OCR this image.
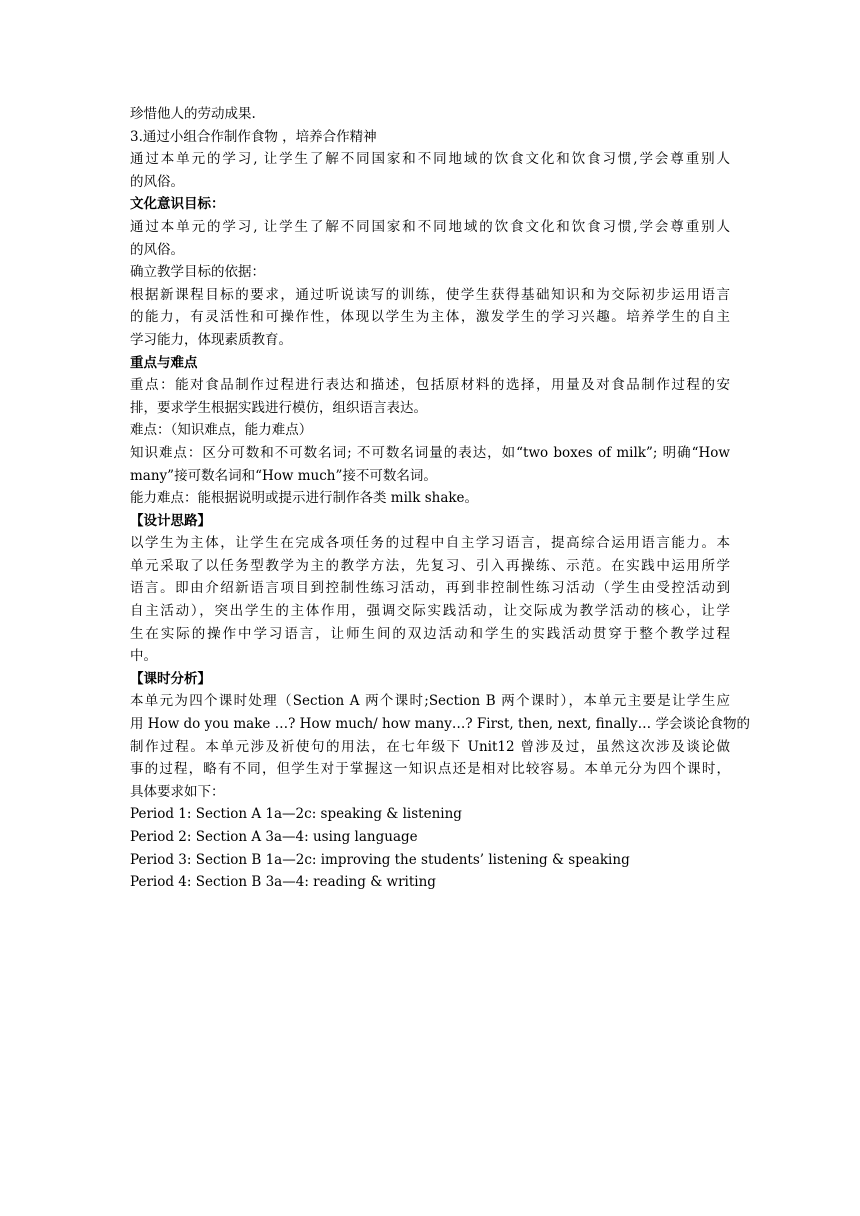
珍惜他人的劳动成果.
3.通过小组合作制作食物 ，培养合作精神
通过本单元的学习, 让学生了解不同国家和不同地域的饮食文化和饮食习惯,学会尊重别人
的风俗。
文化意识目标：
通过本单元的学习, 让学生了解不同国家和不同地域的饮食文化和饮食习惯,学会尊重别人
的风俗。
确立教学目标的依据：
根据新课程目标的要求，通过听说读写的训练，使学生获得基础知识和为交际初步运用语言
的能力，有灵活性和可操作性，体现以学生为主体，激发学生的学习兴趣。培养学生的自主
学习能力，体现素质教育。
重点与难点
重点：能对食品制作过程进行表达和描述，包括原材料的选择，用量及对食品制作过程的安
排，要求学生根据实践进行模仿，组织语言表达。
难点：（知识难点，能力难点）
知识难点：区分可数和不可数名词; 不可数名词量的表达，如“two boxes of milk”; 明确“How
many”接可数名词和“How much”接不可数名词。
能力难点：能根据说明或提示进行制作各类 milk shake。
【设计思路】
以学生为主体，让学生在完成各项任务的过程中自主学习语言，提高综合运用语言能力。本
单元采取了以任务型教学为主的教学方法，先复习、引入再操练、示范。在实践中运用所学
语言。即由介绍新语言项目到控制性练习活动，再到非控制性练习活动（学生由受控活动到
自主活动），突出学生的主体作用，强调交际实践活动，让交际成为教学活动的核心，让学
生在实际的操作中学习语言，让师生间的双边活动和学生的实践活动贯穿于整个教学过程
中。
【课时分析】
本单元为四个课时处理（Section A 两个课时;Section B 两个课时），本单元主要是让学生应
用 How do you make …? How much/ how many…? First, then, next, finally… 学会谈论食物的
制作过程。本单元涉及祈使句的用法，在七年级下 Unit12 曾涉及过，虽然这次涉及谈论做
事的过程，略有不同，但学生对于掌握这一知识点还是相对比较容易。本单元分为四个课时，
具体要求如下：
Period 1: Section A 1a—2c: speaking & listening
Period 2: Section A 3a—4: using language
Period 3: Section B 1a—2c: improving the students’ listening & speaking
Period 4: Section B 3a—4: reading & writing
